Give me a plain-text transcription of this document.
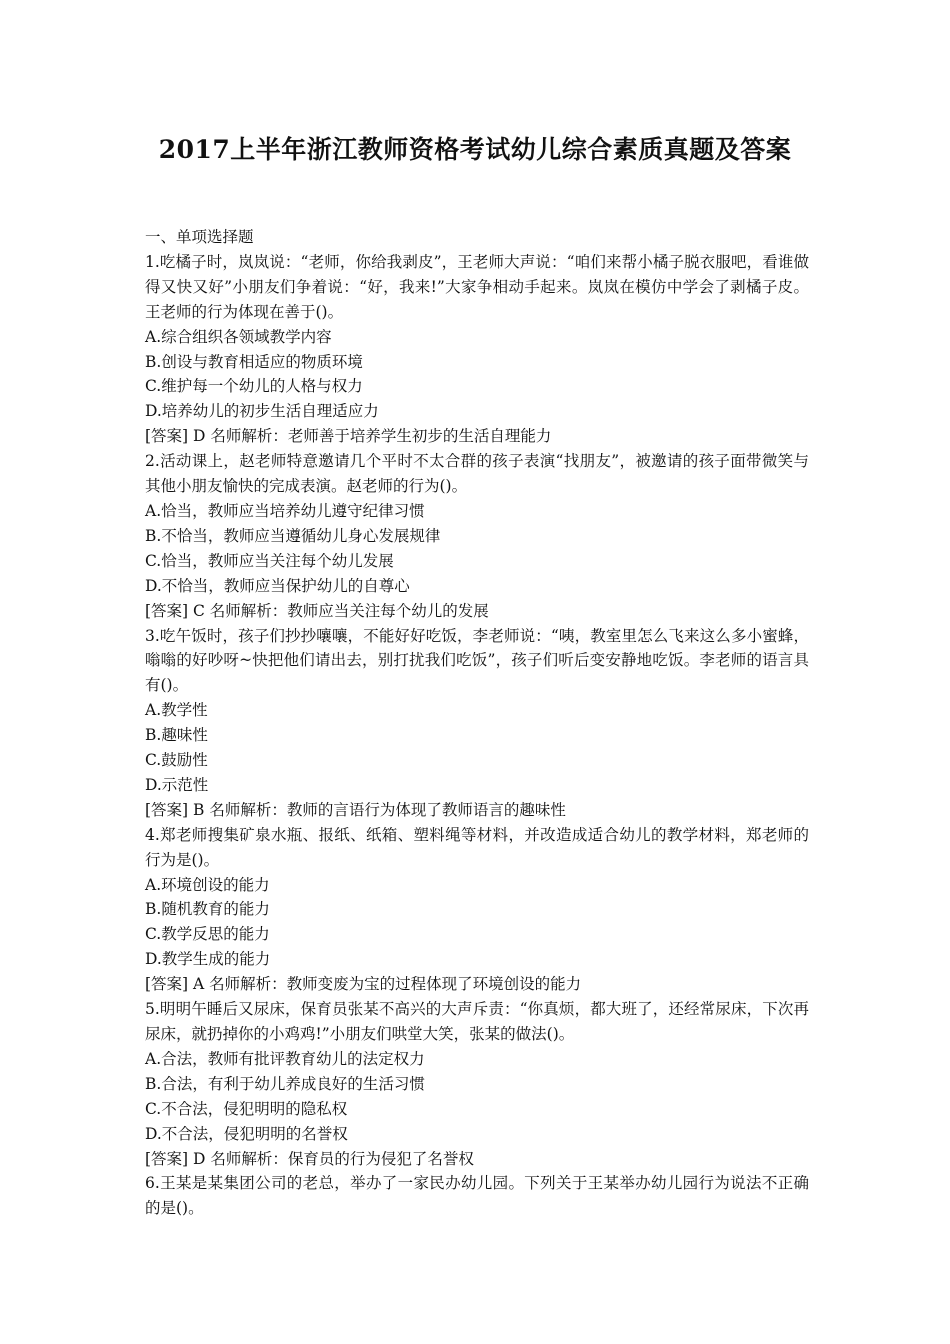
2017上半年浙江教师资格考试幼儿综合素质真题及答案
一、单项选择题
1.吃橘子时，岚岚说：“老师，你给我剥皮”，王老师大声说：“咱们来帮小橘子脱衣服吧，看谁做得又快又好”小朋友们争着说：“好，我来!”大家争相动手起来。岚岚在模仿中学会了剥橘子皮。王老师的行为体现在善于()。
A.综合组织各领域教学内容
B.创设与教育相适应的物质环境
C.维护每一个幼儿的人格与权力
D.培养幼儿的初步生活自理适应力
[答案] D 名师解析：老师善于培养学生初步的生活自理能力
2.活动课上，赵老师特意邀请几个平时不太合群的孩子表演“找朋友”，被邀请的孩子面带微笑与其他小朋友愉快的完成表演。赵老师的行为()。
A.恰当，教师应当培养幼儿遵守纪律习惯
B.不恰当，教师应当遵循幼儿身心发展规律
C.恰当，教师应当关注每个幼儿发展
D.不恰当，教师应当保护幼儿的自尊心
[答案] C 名师解析：教师应当关注每个幼儿的发展
3.吃午饭时，孩子们抄抄嚷嚷，不能好好吃饭，李老师说：“咦，教室里怎么飞来这么多小蜜蜂，嗡嗡的好吵呀~快把他们请出去，别打扰我们吃饭”，孩子们听后变安静地吃饭。李老师的语言具有()。
A.教学性
B.趣味性
C.鼓励性
D.示范性
[答案] B 名师解析：教师的言语行为体现了教师语言的趣味性
4.郑老师搜集矿泉水瓶、报纸、纸箱、塑料绳等材料，并改造成适合幼儿的教学材料，郑老师的行为是()。
A.环境创设的能力
B.随机教育的能力
C.教学反思的能力
D.教学生成的能力
[答案] A 名师解析：教师变废为宝的过程体现了环境创设的能力
5.明明午睡后又尿床，保育员张某不高兴的大声斥责：“你真烦，都大班了，还经常尿床，下次再尿床，就扔掉你的小鸡鸡!”小朋友们哄堂大笑，张某的做法()。
A.合法，教师有批评教育幼儿的法定权力
B.合法，有利于幼儿养成良好的生活习惯
C.不合法，侵犯明明的隐私权
D.不合法，侵犯明明的名誉权
[答案] D 名师解析：保育员的行为侵犯了名誉权
6.王某是某集团公司的老总，举办了一家民办幼儿园。下列关于王某举办幼儿园行为说法不正确的是()。
